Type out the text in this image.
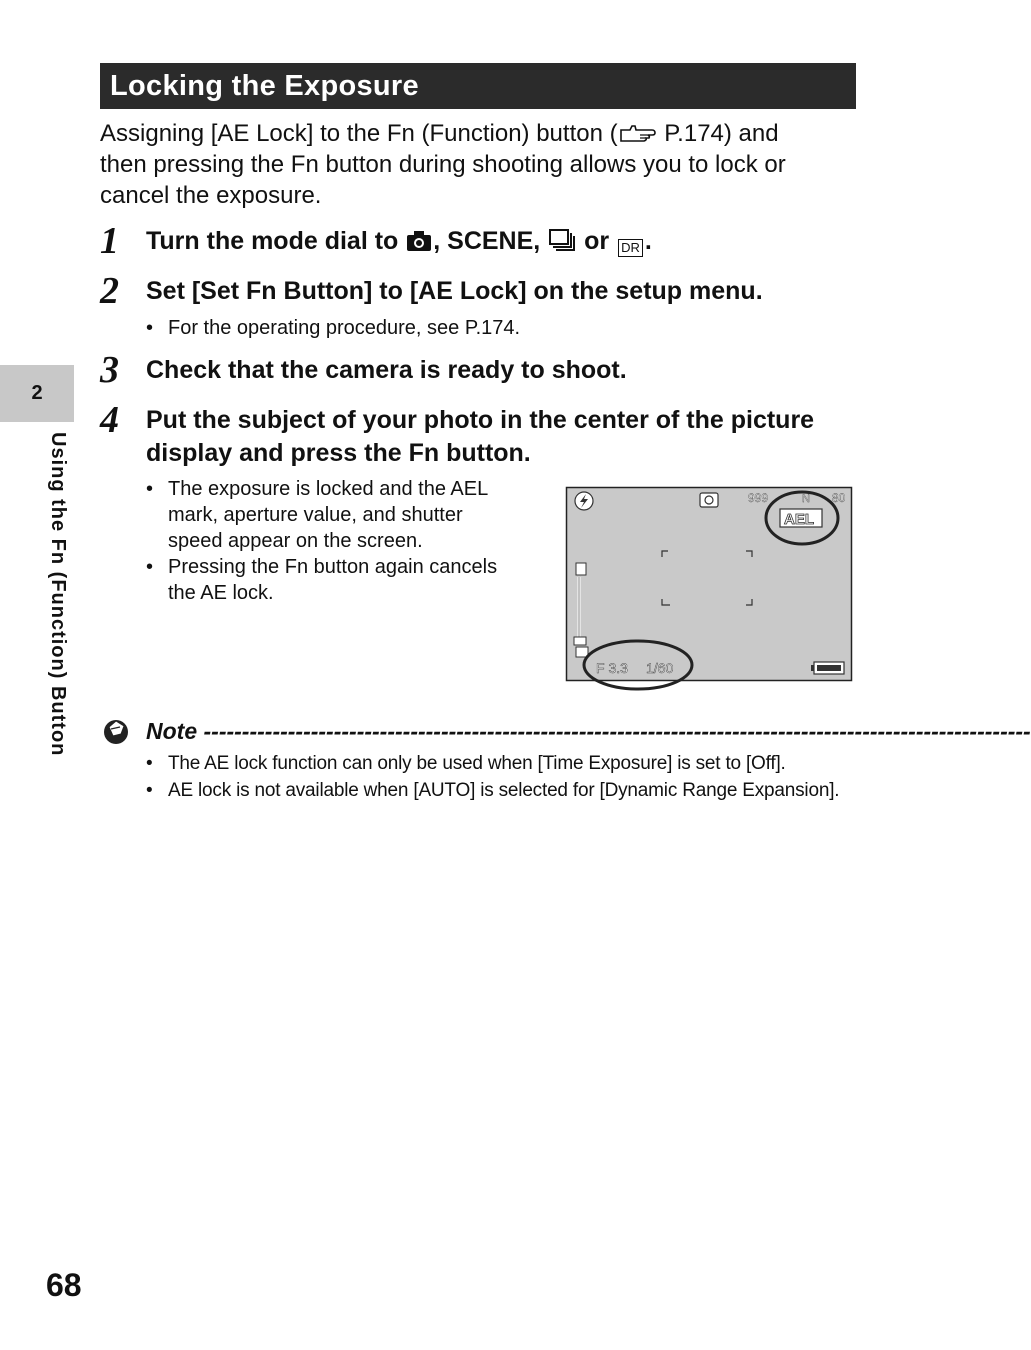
Locking the Exposure
Assigning [AE Lock] to the Fn (Function) button ( P.174) and
then pressing the Fn button during shooting allows you to lock or
cancel the exposure.
1 Turn the mode dial to , SCENE,  or DR .
2 Set [Set Fn Button] to [AE Lock] on the setup menu.
• For the operating procedure, see P.174.
3 Check that the camera is ready to shoot.
4 Put the subject of your photo in the center of the picture
display and press the Fn button.
• The exposure is locked and the AEL
mark, aperture value, and shutter
speed appear on the screen.
• Pressing the Fn button again cancels
the AE lock.
999	N 80
AEL
F 3.3 1/60
Note ------------------------------------------------------------------------------------------------------------
• The AE lock function can only be used when [Time Exposure] is set to [Off].
• AE lock is not available when [AUTO] is selected for [Dynamic Range Expansion].
2
Using the Fn (Function) Button
68
